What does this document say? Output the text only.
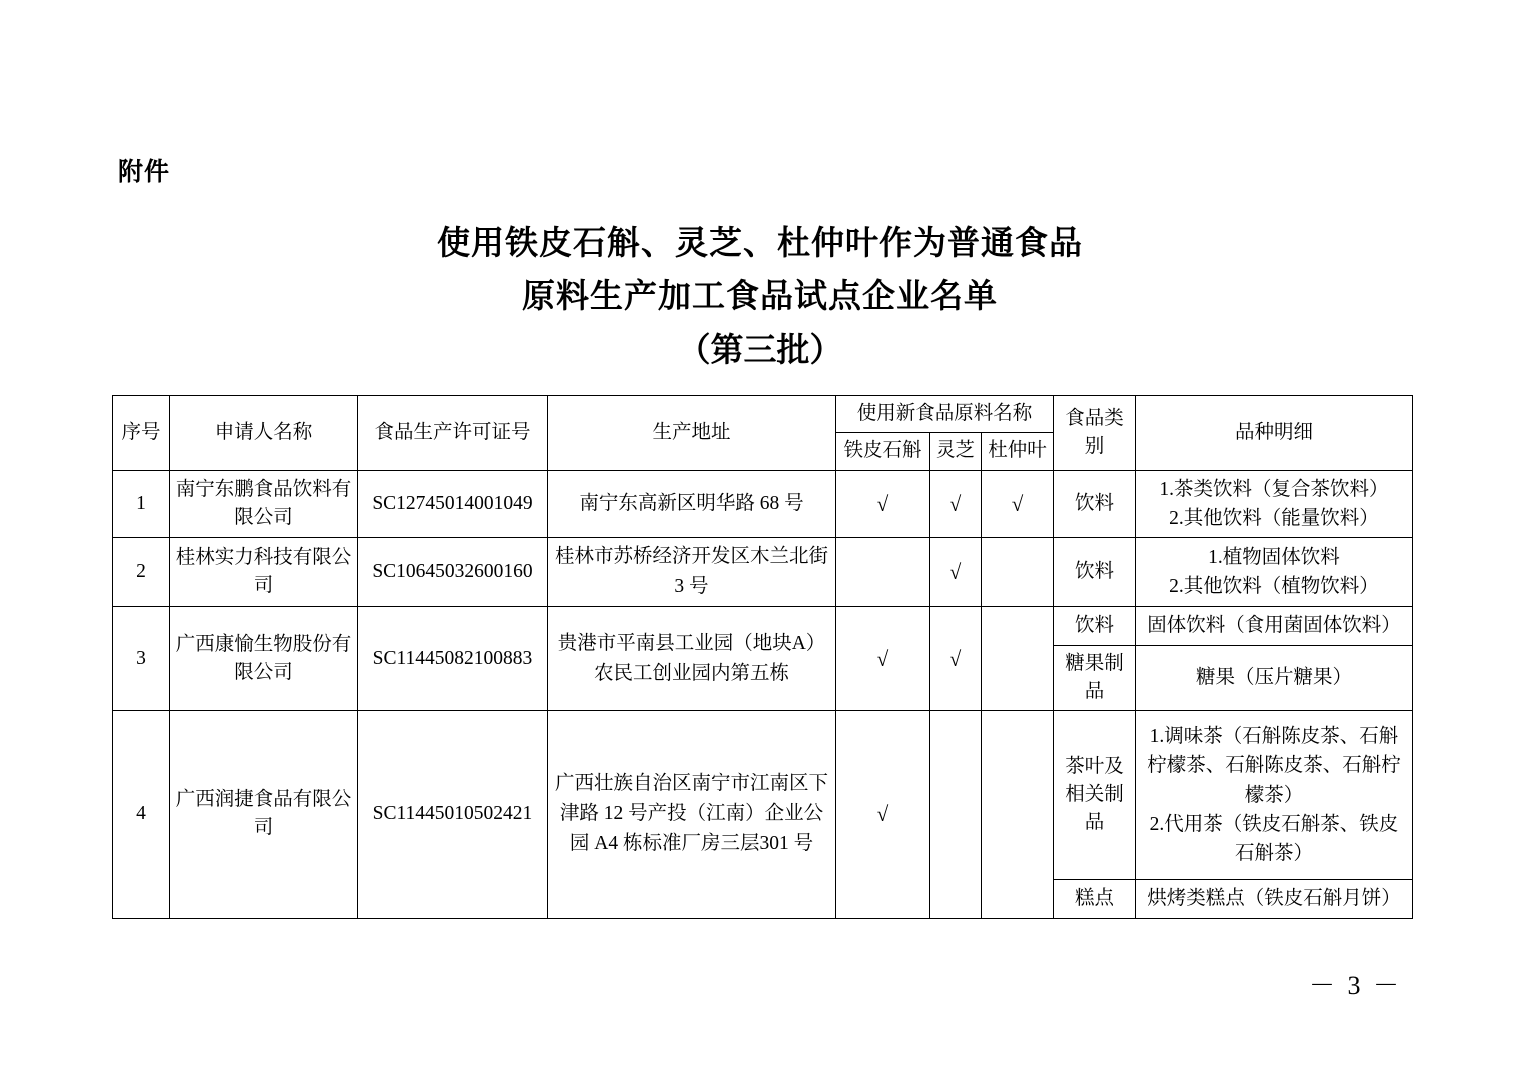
附件
使用铁皮石斛、灵芝、杜仲叶作为普通食品
原料生产加工食品试点企业名单
（第三批）
序号	申请人名称	食品生产许可证号	生产地址	使用新食品原料名称			食品类别	品种明细
				铁皮石斛	灵芝	杜仲叶		
1	南宁东鹏食品饮料有限公司	SC12745014001049	南宁东高新区明华路 68 号	√	√	√	饮料	1.茶类饮料（复合茶饮料）
2.其他饮料（能量饮料）
2	桂林实力科技有限公司	SC10645032600160	桂林市苏桥经济开发区木兰北街 3 号		√		饮料	1.植物固体饮料
2.其他饮料（植物饮料）
3	广西康愉生物股份有限公司	SC11445082100883	贵港市平南县工业园（地块A）农民工创业园内第五栋	√	√		饮料	固体饮料（食用菌固体饮料）
							糖果制品	糖果（压片糖果）
4	广西润捷食品有限公司	SC11445010502421	广西壮族自治区南宁市江南区下津路 12 号产投（江南）企业公园 A4 栋标准厂房三层301 号	√			茶叶及相关制品	1.调味茶（石斛陈皮茶、石斛柠檬茶、石斛陈皮茶、石斛柠檬茶）
2.代用茶（铁皮石斛茶、铁皮石斛茶）
							糕点	烘烤类糕点（铁皮石斛月饼）
－ 3 －
